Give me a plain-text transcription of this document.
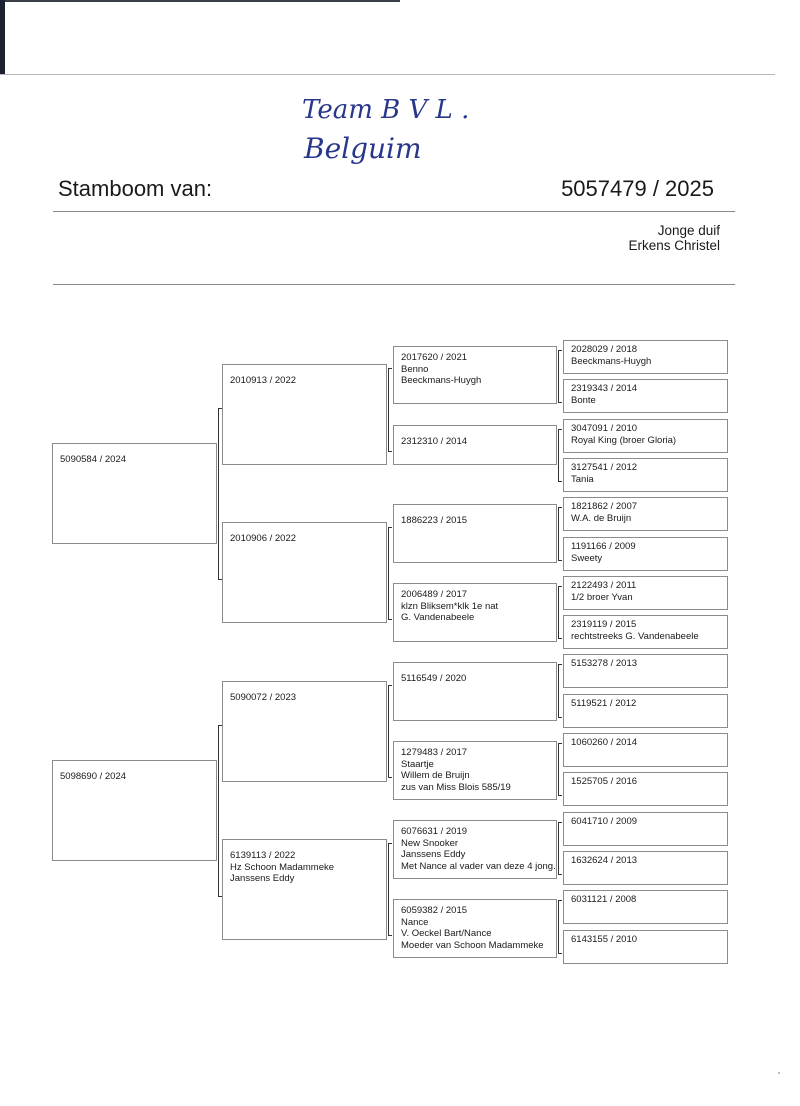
Team B V L .
Belguim
Stamboom van:	5057479 / 2025
Jonge duif
Erkens Christel
5090584 / 2024
5098690 / 2024
2010913 / 2022
2010906 / 2022
5090072 / 2023
6139113 / 2022
Hz Schoon Madammeke
Janssens Eddy
2017620 / 2021
Benno
Beeckmans-Huygh
2312310 / 2014
1886223 / 2015
2006489 / 2017
klzn Bliksem*klk 1e nat
G. Vandenabeele
5116549 / 2020
1279483 / 2017
Staartje
Willem de Bruijn
zus van Miss Blois 585/19
6076631 / 2019
New Snooker
Janssens Eddy
Met Nance al vader van deze 4 jong.
6059382 / 2015
Nance
V. Oeckel Bart/Nance
Moeder van Schoon Madammeke
2028029 / 2018
Beeckmans-Huygh
2319343 / 2014
Bonte
3047091 / 2010
Royal King (broer Gloria)
3127541 / 2012
Tania
1821862 / 2007
W.A. de Bruijn
1191166 / 2009
Sweety
2122493 / 2011
1/2 broer Yvan
2319119 / 2015
rechtstreeks G. Vandenabeele
5153278 / 2013
5119521 / 2012
1060260 / 2014
1525705 / 2016
6041710 / 2009
1632624 / 2013
6031121 / 2008
6143155 / 2010
